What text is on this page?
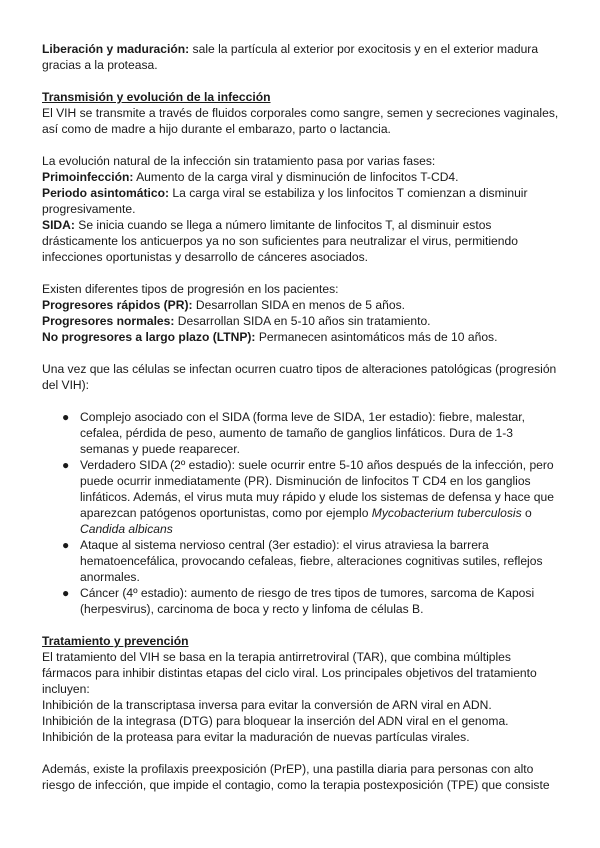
Liberación y maduración: sale la partícula al exterior por exocitosis y en el exterior madura gracias a la proteasa.

Transmisión y evolución de la infección

El VIH se transmite a través de fluidos corporales como sangre, semen y secreciones vaginales, así como de madre a hijo durante el embarazo, parto o lactancia.

La evolución natural de la infección sin tratamiento pasa por varias fases:

Primoinfección: Aumento de la carga viral y disminución de linfocitos T-CD4.

Periodo asintomático: La carga viral se estabiliza y los linfocitos T comienzan a disminuir progresivamente.

SIDA: Se inicia cuando se llega a número limitante de linfocitos T, al disminuir estos drásticamente los anticuerpos ya no son suficientes para neutralizar el virus, permitiendo infecciones oportunistas y desarrollo de cánceres asociados.

Existen diferentes tipos de progresión en los pacientes:

Progresores rápidos (PR): Desarrollan SIDA en menos de 5 años.

Progresores normales: Desarrollan SIDA en 5-10 años sin tratamiento.

No progresores a largo plazo (LTNP): Permanecen asintomáticos más de 10 años.

Una vez que las células se infectan ocurren cuatro tipos de alteraciones patológicas (progresión del VIH):

● Complejo asociado con el SIDA (forma leve de SIDA, 1er estadio): fiebre, malestar, cefalea, pérdida de peso, aumento de tamaño de ganglios linfáticos. Dura de 1-3 semanas y puede reaparecer.
● Verdadero SIDA (2º estadio): suele ocurrir entre 5-10 años después de la infección, pero puede ocurrir inmediatamente (PR). Disminución de linfocitos T CD4 en los ganglios linfáticos. Además, el virus muta muy rápido y elude los sistemas de defensa y hace que aparezcan patógenos oportunistas, como por ejemplo Mycobacterium tuberculosis o Candida albicans
● Ataque al sistema nervioso central (3er estadio): el virus atraviesa la barrera hematoencefálica, provocando cefaleas, fiebre, alteraciones cognitivas sutiles, reflejos anormales.
● Cáncer (4º estadio): aumento de riesgo de tres tipos de tumores, sarcoma de Kaposi (herpesvirus), carcinoma de boca y recto y linfoma de células B.

Tratamiento y prevención

El tratamiento del VIH se basa en la terapia antirretroviral (TAR), que combina múltiples fármacos para inhibir distintas etapas del ciclo viral. Los principales objetivos del tratamiento incluyen:

Inhibición de la transcriptasa inversa para evitar la conversión de ARN viral en ADN.

Inhibición de la integrasa (DTG) para bloquear la inserción del ADN viral en el genoma.

Inhibición de la proteasa para evitar la maduración de nuevas partículas virales.

Además, existe la profilaxis preexposición (PrEP), una pastilla diaria para personas con alto riesgo de infección, que impide el contagio, como la terapia postexposición (TPE) que consiste
